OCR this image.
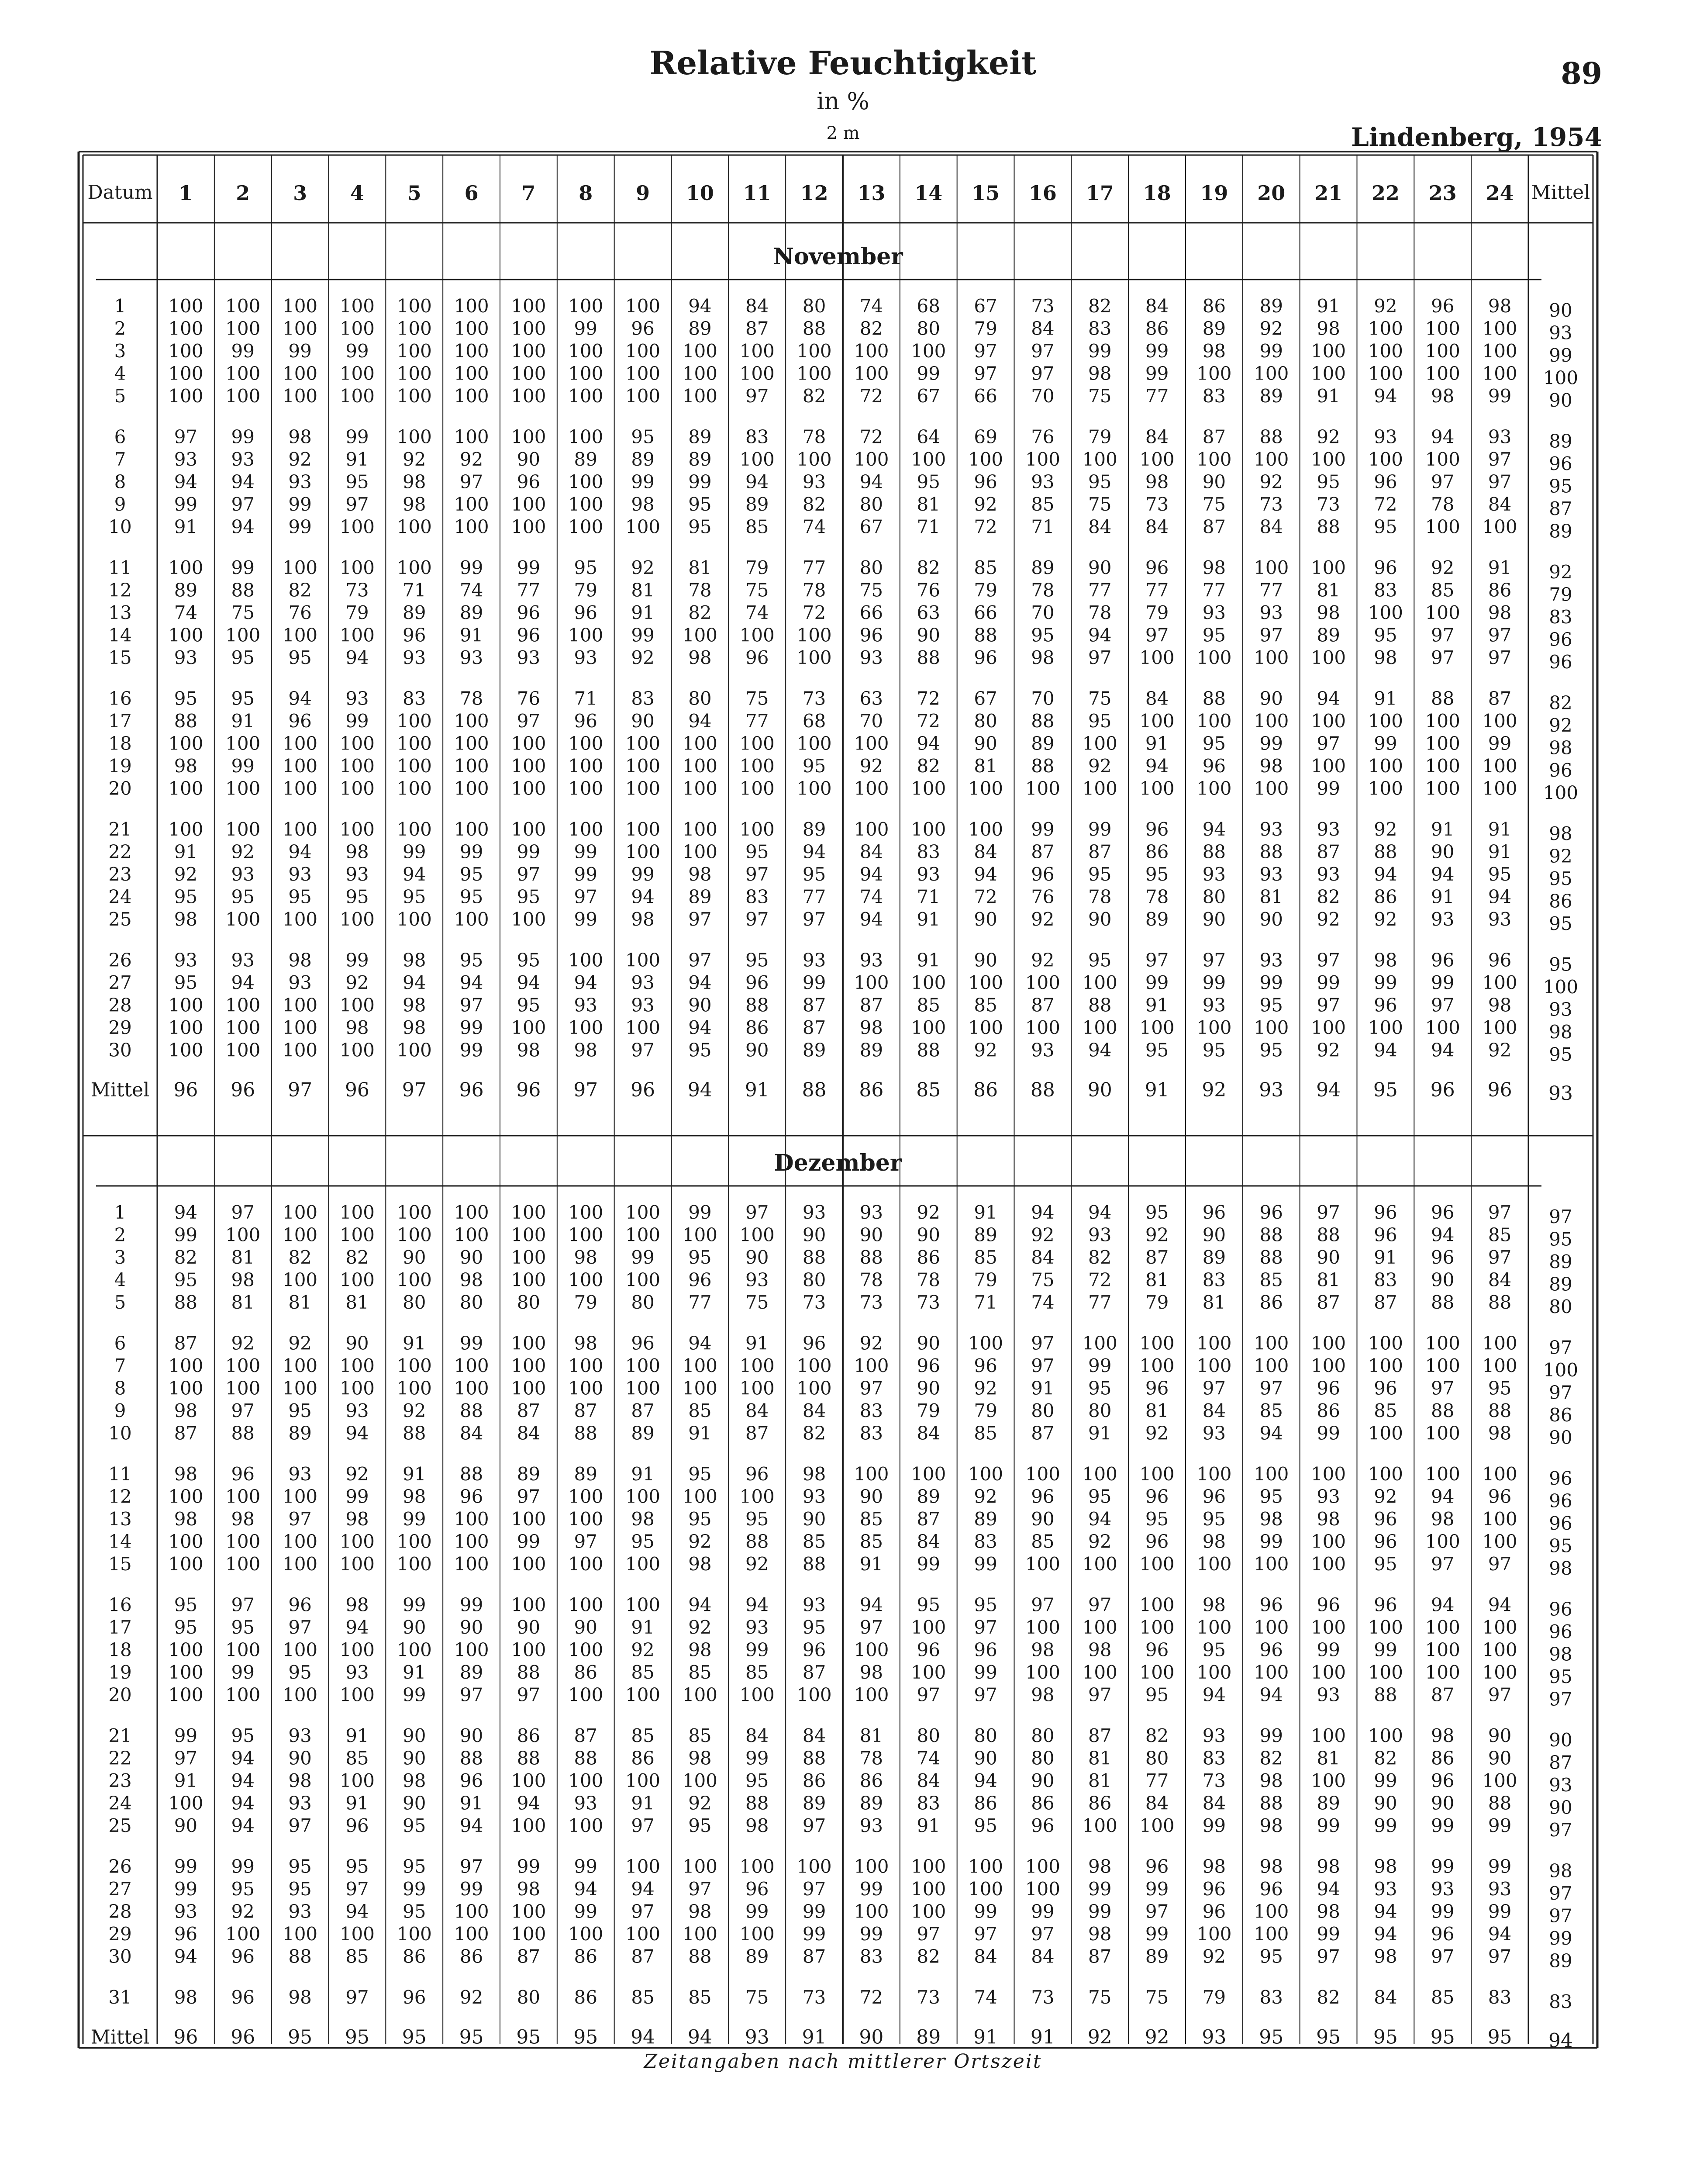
Relative Feuchtigkeit
in %
2 m
89
Lindenberg, 1954
Datum 1 2 3 4 5 6 7 8 9 10 11 12 13 14 15 16 17 18 19 20 21 22 23 24 Mittel
November
1 100 100 100 100 100 100 100 100 100 94 84 80 74 68 67 73 82 84 86 89 91 92 96 98 90
2 100 100 100 100 100 100 100 99 96 89 87 88 82 80 79 84 83 86 89 92 98 100 100 100 93
3 100 99 99 99 100 100 100 100 100 100 100 100 100 100 97 97 99 99 98 99 100 100 100 100 99
4 100 100 100 100 100 100 100 100 100 100 100 100 100 99 97 97 98 99 100 100 100 100 100 100 100
5 100 100 100 100 100 100 100 100 100 100 97 82 72 67 66 70 75 77 83 89 91 94 98 99 90
6	97 99 98 99 100 100 100 100 95 89 83 78 72 64 69 76 79 84 87 88 92 93 94 93 89
7	93 93 92 91 92 92 90 89 89 89 100 100 100 100 100 100 100 100 100 100 100 100 100 97 96
8	94 94 93 95 98 97 96 100 99 99 94 93 94 95 96 93 95 98 90 92 95 96 97 97 95
9	99 97 99 97 98 100 100 100 98 95 89 82 80 81 92 85 75 73 75 73 73 72 78 84 87
10 91 94 99 100 100 100 100 100 100 95 85 74 67 71 72 71 84 84 87 84 88 95 100 100 89
11 100 99 100 100 100 99 99 95 92 81 79 77 80 82 85 89 90 96 98 100 100 96 92 91 92
12 89 88 82 73 71 74 77 79 81 78 75 78 75 76 79 78 77 77 77 77 81 83 85 86 79
13 74 75 76 79 89 89 96 96 91 82 74 72 66 63 66 70 78 79 93 93 98 100 100 98 83
14 100 100 100 100 96 91 96 100 99 100 100 100 96 90 88 95 94 97 95 97 89 95 97 97 96
15 93 95 95 94 93 93 93 93 92 98 96 100 93 88 96 98 97 100 100 100 100 98 97 97 96
16 95 95 94 93 83 78 76 71 83 80 75 73 63 72 67 70 75 84 88 90 94 91 88 87 82
17 88 91 96 99 100 100 97 96 90 94 77 68 70 72 80 88 95 100 100 100 100 100 100 100 92
18 100 100 100 100 100 100 100 100 100 100 100 100 100 94 90 89 100 91 95 99 97 99 100 99 98
19 98 99 100 100 100 100 100 100 100 100 100 95 92 82 81 88 92 94 96 98 100 100 100 100 96
20 100 100 100 100 100 100 100 100 100 100 100 100 100 100 100 100 100 100 100 100 99 100 100 100 100
21 100 100 100 100 100 100 100 100 100 100 100 89 100 100 100 99 99 96 94 93 93 92 91 91 98
22 91 92 94 98 99 99 99 99 100 100 95 94 84 83 84 87 87 86 88 88 87 88 90 91 92
23 92 93 93 93 94 95 97 99 99 98 97 95 94 93 94 96 95 95 93 93 93 94 94 95 95
24 95 95 95 95 95 95 95 97 94 89 83 77 74 71 72 76 78 78 80 81 82 86 91 94 86
25 98 100 100 100 100 100 100 99 98 97 97 97 94 91 90 92 90 89 90 90 92 92 93 93 95
26 93 93 98 99 98 95 95 100 100 97 95 93 93 91 90 92 95 97 97 93 97 98 96 96 95
27 95 94 93 92 94 94 94 94 93 94 96 99 100 100 100 100 100 99 99 99 99 99 99 100 100
28 100 100 100 100 98 97 95 93 93 90 88 87 87 85 85 87 88 91 93 95 97 96 97 98 93
29 100 100 100 98 98 99 100 100 100 94 86 87 98 100 100 100 100 100 100 100 100 100 100 100 98
30 100 100 100 100 100 99 98 98 97 95 90 89 89 88 92 93 94 95 95 95 92 94 94 92 95
Mittel 96 96 97 96 97 96 96 97 96 94 91 88 86 85 86 88 90 91 92 93 94 95 96 96 93
Dezember
1	94 97 100 100 100 100 100 100 100 99 97 93 93 92 91 94 94 95 96 96 97 96 96 97 97
2	99 100 100 100 100 100 100 100 100 100 100 90 90 90 89 92 93 92 90 88 88 96 94 85 95
3	82 81 82 82 90 90 100 98 99 95 90 88 88 86 85 84 82 87 89 88 90 91 96 97 89
4	95 98 100 100 100 98 100 100 100 96 93 80 78 78 79 75 72 81 83 85 81 83 90 84 89
5	88 81 81 81 80 80 80 79 80 77 75 73 73 73 71 74 77 79 81 86 87 87 88 88 80
6	87 92 92 90 91 99 100 98 96 94 91 96 92 90 100 97 100 100 100 100 100 100 100 100 97
7 100 100 100 100 100 100 100 100 100 100 100 100 100 96 96 97 99 100 100 100 100 100 100 100 100
8 100 100 100 100 100 100 100 100 100 100 100 100 97 90 92 91 95 96 97 97 96 96 97 95 97
9	98 97 95 93 92 88 87 87 87 85 84 84 83 79 79 80 80 81 84 85 86 85 88 88 86
10 87 88 89 94 88 84 84 88 89 91 87 82 83 84 85 87 91 92 93 94 99 100 100 98 90
11 98 96 93 92 91 88 89 89 91 95 96 98 100 100 100 100 100 100 100 100 100 100 100 100 96
12 100 100 100 99 98 96 97 100 100 100 100 93 90 89 92 96 95 96 96 95 93 92 94 96 96
13 98 98 97 98 99 100 100 100 98 95 95 90 85 87 89 90 94 95 95 98 98 96 98 100 96
14 100 100 100 100 100 100 99 97 95 92 88 85 85 84 83 85 92 96 98 99 100 96 100 100 95
15 100 100 100 100 100 100 100 100 100 98 92 88 91 99 99 100 100 100 100 100 100 95 97 97 98
16 95 97 96 98 99 99 100 100 100 94 94 93 94 95 95 97 97 100 98 96 96 96 94 94 96
17 95 95 97 94 90 90 90 90 91 92 93 95 97 100 97 100 100 100 100 100 100 100 100 100 96
18 100 100 100 100 100 100 100 100 92 98 99 96 100 96 96 98 98 96 95 96 99 99 100 100 98
19 100 99 95 93 91 89 88 86 85 85 85 87 98 100 99 100 100 100 100 100 100 100 100 100 95
20 100 100 100 100 99 97 97 100 100 100 100 100 100 97 97 98 97 95 94 94 93 88 87 97 97
21 99 95 93 91 90 90 86 87 85 85 84 84 81 80 80 80 87 82 93 99 100 100 98 90 90
22 97 94 90 85 90 88 88 88 86 98 99 88 78 74 90 80 81 80 83 82 81 82 86 90 87
23 91 94 98 100 98 96 100 100 100 100 95 86 86 84 94 90 81 77 73 98 100 99 96 100 93
24 100 94 93 91 90 91 94 93 91 92 88 89 89 83 86 86 86 84 84 88 89 90 90 88 90
25 90 94 97 96 95 94 100 100 97 95 98 97 93 91 95 96 100 100 99 98 99 99 99 99 97
26 99 99 95 95 95 97 99 99 100 100 100 100 100 100 100 100 98 96 98 98 98 98 99 99 98
27 99 95 95 97 99 99 98 94 94 97 96 97 99 100 100 100 99 99 96 96 94 93 93 93 97
28 93 92 93 94 95 100 100 99 97 98 99 99 100 100 99 99 99 97 96 100 98 94 99 99 97
29 96 100 100 100 100 100 100 100 100 100 100 99 99 97 97 97 98 99 100 100 99 94 96 94 99
30 94 96 88 85 86 86 87 86 87 88 89 87 83 82 84 84 87 89 92 95 97 98 97 97 89
31 98 96 98 97 96 92 80 86 85 85 75 73 72 73 74 73 75 75 79 83 82 84 85 83 83
Mittel 96 96 95 95 95 95 95 95 94 94 93 91 90 89 91 91 92 92 93 95 95 95 95 95 94
Zeitangaben nach mittlerer Ortszeit
